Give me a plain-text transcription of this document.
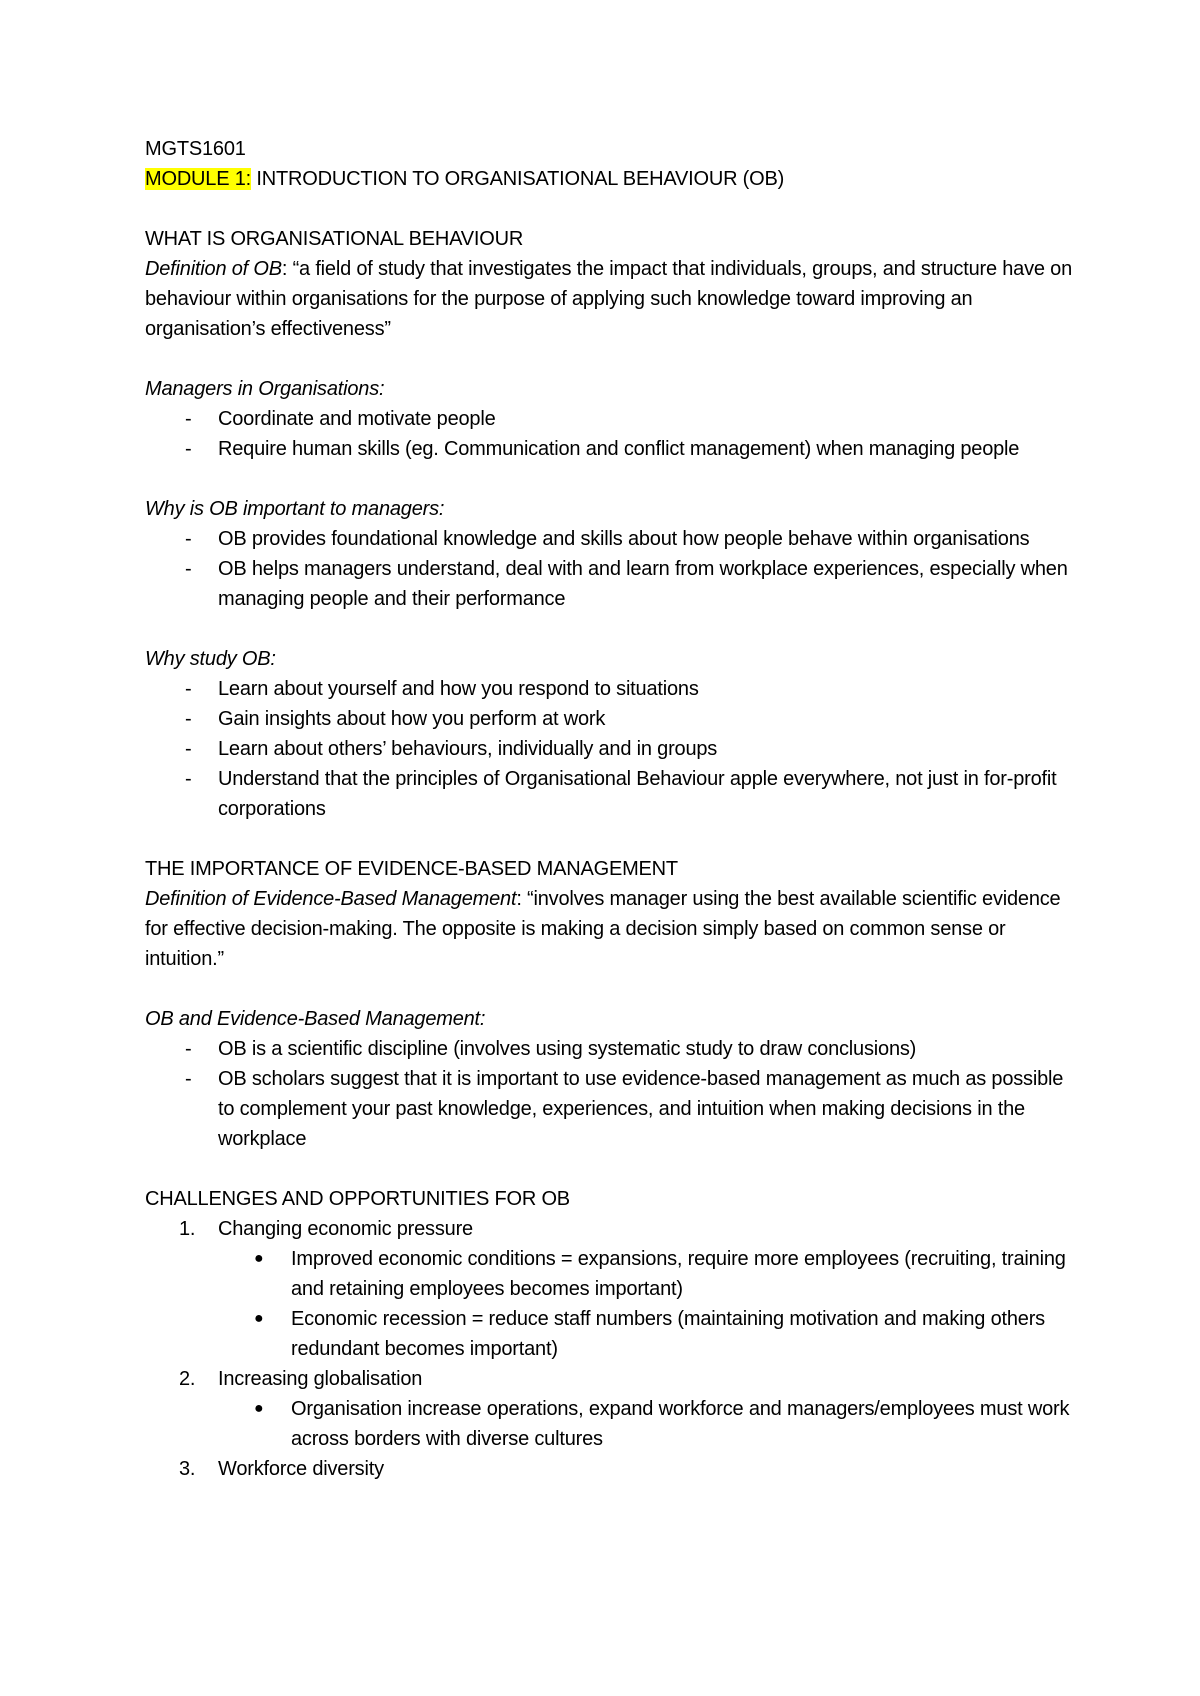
MGTS1601

MODULE 1: INTRODUCTION TO ORGANISATIONAL BEHAVIOUR (OB)

WHAT IS ORGANISATIONAL BEHAVIOUR

Definition of OB: “a field of study that investigates the impact that individuals, groups, and structure have on behaviour within organisations for the purpose of applying such knowledge toward improving an organisation’s effectiveness”

Managers in Organisations:

- Coordinate and motivate people
- Require human skills (eg. Communication and conflict management) when managing people

Why is OB important to managers:

- OB provides foundational knowledge and skills about how people behave within organisations
- OB helps managers understand, deal with and learn from workplace experiences, especially when managing people and their performance

Why study OB:

- Learn about yourself and how you respond to situations
- Gain insights about how you perform at work
- Learn about others’ behaviours, individually and in groups
- Understand that the principles of Organisational Behaviour apple everywhere, not just in for-profit corporations

THE IMPORTANCE OF EVIDENCE-BASED MANAGEMENT

Definition of Evidence-Based Management: “involves manager using the best available scientific evidence for effective decision-making. The opposite is making a decision simply based on common sense or intuition.”

OB and Evidence-Based Management:

- OB is a scientific discipline (involves using systematic study to draw conclusions)
- OB scholars suggest that it is important to use evidence-based management as much as possible to complement your past knowledge, experiences, and intuition when making decisions in the workplace

CHALLENGES AND OPPORTUNITIES FOR OB

1. Changing economic pressure
● Improved economic conditions = expansions, require more employees (recruiting, training and retaining employees becomes important)
● Economic recession = reduce staff numbers (maintaining motivation and making others redundant becomes important)
2. Increasing globalisation
● Organisation increase operations, expand workforce and managers/employees must work across borders with diverse cultures
3. Workforce diversity
